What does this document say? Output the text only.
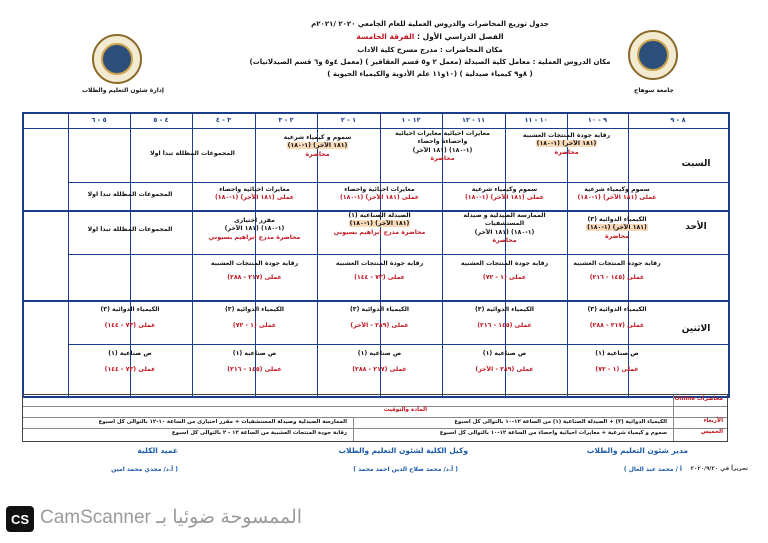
إدارة شئون التعليم والطلاب	جامعة سوهاج
جدول توزيع المحاضرات والدروس العملية للعام الجامعي ٢٠٢٠ /٢٠٢١م
الفصل الدراسي الأول : الفرقة الخامسة
مكان المحاضرات : مدرج مسرح كلية الاداب
مكان الدروس العملية : معامل كلية الصيدلة (معمل ٢ و٥ قسم العقاقير ) (معمل ٤و٥ و٦ قسم الصيدلانيات)
( ٨و٩ كيمياء صيدلية ) (١٠و١١ علم الأدوية والكيمياء الحيوية )
٨ - ٩
٩ - ١٠
١٠ - ١١
١١ - ١٢
١٢ - ١
١ - ٢
٢ - ٣
٣ - ٤
٤ - ٥
٥ - ٦
السبت
الأحد
الاثنين
رقابة جودة المنتجات العشبية
(١٨١ الآخر) (١-١٨٠)
محاضرة
معايرات احيائية معايرات احيائية
واحصاءة واحصاء
(١-١٨٠) (١٨١ الآخر)
محاضرة
سموم و كيمياء شرعية
(١٨١ الآخر) (١-١٨٠)
محاضرة
المجموعات المظللة تبدأ اولا
سموم وكيمياء شرعية
عملى (١٨١ الآخر) (١-١٨٠)
سموم وكيمياء شرعية
عملى (١٨١ الآخر) (١-١٨٠)
معايرات احيائية واحصاء
عملى (١٨١ الآخر) (١-١٨٠)
معايرات احيائية واحصاء
عملى (١٨١ الآخر) (١-١٨٠)
المجموعات المظللة تبدأ اولا
الكيمياء الدوائية (٣)
(١٨١ الآخر) (١-١٨٠)
محاضرة
الممارسة الصيدلية و صيدلة
المستشفيات
(١-١٨٠) (١٨١ الآخر)
محاضرة
الصيدلة الصناعية (١)
(١٨١ الآخر) (١-١٨٠)
محاضرة مدرج ابراهيم بسيوني
مقرر اختيارى
(١-١٨٠) (١٨١ الآخر)
محاضرة مدرج ابراهيم بسيوني
المجموعات المظللة تبدأ اولا
رقابة جودة المنتجات العشبية
عملى (١٤٥ - ٢١٦)
رقابة جودة المنتجات العشبية
عملى (١ - ٧٢)
رقابة جودة المنتجات العشبية
عملى (٧٣ - ١٤٤)
رقابة جودة المنتجات العشبية
عملى (٢١٧ - ٢٨٨)
الكيمياء الدوائية (٣)
عملى (٢١٧ - ٢٨٨)
الكيمياء الدوائية (٣)
عملى (١٤٥ - ٢١٦)
الكيمياء الدوائية (٣)
عملى (٢٨٩ - الآخر)
الكيمياء الدوائية (٣)
عملى (١ - ٧٢)
الكيمياء الدوائية (٣)
عملى (٧٣ - ١٤٤)
ص صناعية (١)
عملى (١ - ٧٢)
ص صناعية (١)
عملى (٢٨٩ - الآخر)
ص صناعية (١)
عملى (٢١٧ - ٢٨٨)
ص صناعية (١)
عملى (١٤٥ - ٢١٦)
ص صناعية (١)
عملى (٧٣ - ١٤٤)
محاضرات Online
المادة والتوقيت
الأربعاء
الكيمياء الدوائية (٣) + الصيدلة الصناعية (١) من الساعة ١٢-١٠ بالتوالى كل اسبوع
الممارسة الصيدلية وصيدلة المستشفيات + مقرر اختيارى من الساعة ١٠-١٢ بالتوالى كل اسبوع
الخميس
سموم و كيمياء شرعية + معايرات احيائية واحصاء من الساعة ١٢-١٠ بالتوالى كل اسبوع
رقابة جودة المنتجات العشبية من الساعة ١٢ - ٢ بالتوالى كل اسبوع
مدير شئون التعليم والطلاب
أ / محمد عبد العال )
وكيل الكلية لشئون التعليم والطلاب
( أ.د/ محمد صلاح الدين احمد محمد )
عميد الكلية
( أ.د/ مجدي محمد امين	تحريراً في ٢٠٢٠/٩/٢٠
CS الممسوحة ضوئيا بـ CamScanner
